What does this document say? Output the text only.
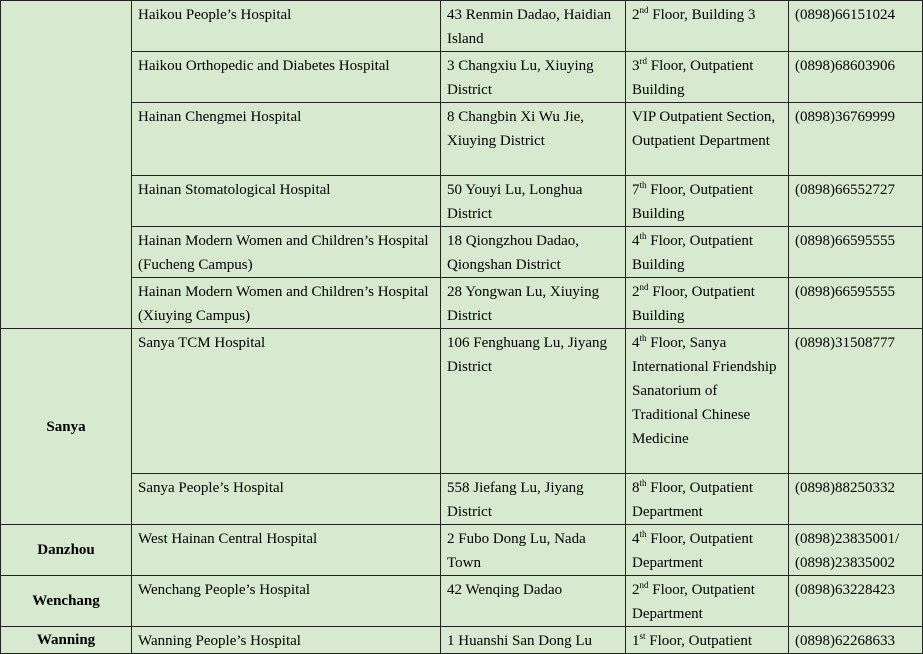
	Haikou People’s Hospital	43 Renmin Dadao, Haidian Island	2nd Floor, Building 3	(0898)66151024
	Haikou Orthopedic and Diabetes Hospital	3 Changxiu Lu, Xiuying District	3rd Floor, Outpatient Building	(0898)68603906
	Hainan Chengmei Hospital	8 Changbin Xi Wu Jie, Xiuying District	VIP Outpatient Section, Outpatient Department	(0898)36769999
	Hainan Stomatological Hospital	50 Youyi Lu, Longhua District	7th Floor, Outpatient Building	(0898)66552727
	Hainan Modern Women and Children’s Hospital (Fucheng Campus)	18 Qiongzhou Dadao, Qiongshan District	4th Floor, Outpatient Building	(0898)66595555
	Hainan Modern Women and Children’s Hospital (Xiuying Campus)	28 Yongwan Lu, Xiuying District	2nd Floor, Outpatient Building	(0898)66595555
Sanya	Sanya TCM Hospital	106 Fenghuang Lu, Jiyang District	4th Floor, Sanya International Friendship Sanatorium of Traditional Chinese Medicine	(0898)31508777
	Sanya People’s Hospital	558 Jiefang Lu, Jiyang District	8th Floor, Outpatient Department	(0898)88250332
Danzhou	West Hainan Central Hospital	2 Fubo Dong Lu, Nada Town	4th Floor, Outpatient Department	(0898)23835001/ (0898)23835002
Wenchang	Wenchang People’s Hospital	42 Wenqing Dadao	2nd Floor, Outpatient Department	(0898)63228423
Wanning	Wanning People’s Hospital	1 Huanshi San Dong Lu	1st Floor, Outpatient	(0898)62268633
